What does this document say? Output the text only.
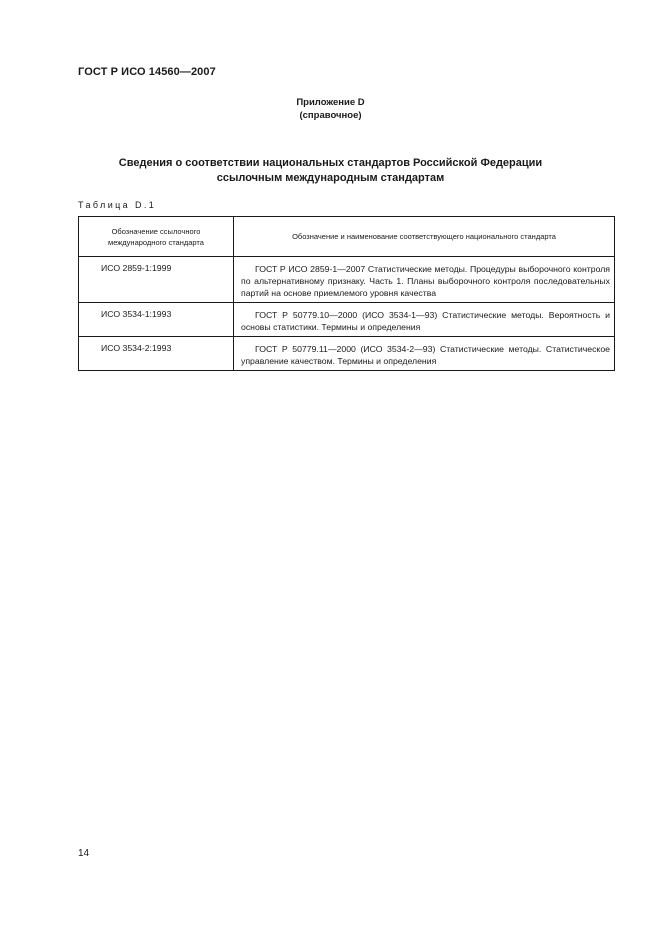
ГОСТ Р ИСО 14560—2007
Приложение D
(справочное)
Сведения о соответствии национальных стандартов Российской Федерации
ссылочным международным стандартам
Таблица D.1
Обозначение ссылочного
международного стандарта	Обозначение и наименование соответствующего национального стандарта
ИСО 2859-1:1999	ГОСТ Р ИСО 2859-1—2007 Статистические методы. Процедуры выборочного контроля по альтернативному признаку. Часть 1. Планы выборочного контроля последовательных партий на основе приемлемого уровня качества

ИСО 3534-1:1993	ГОСТ Р 50779.10—2000 (ИСО 3534-1—93) Статистические методы. Вероятность и основы статистики. Термины и определения

ИСО 3534-2:1993	ГОСТ Р 50779.11—2000 (ИСО 3534-2—93) Статистические методы. Статистическое управление качеством. Термины и определения
14
